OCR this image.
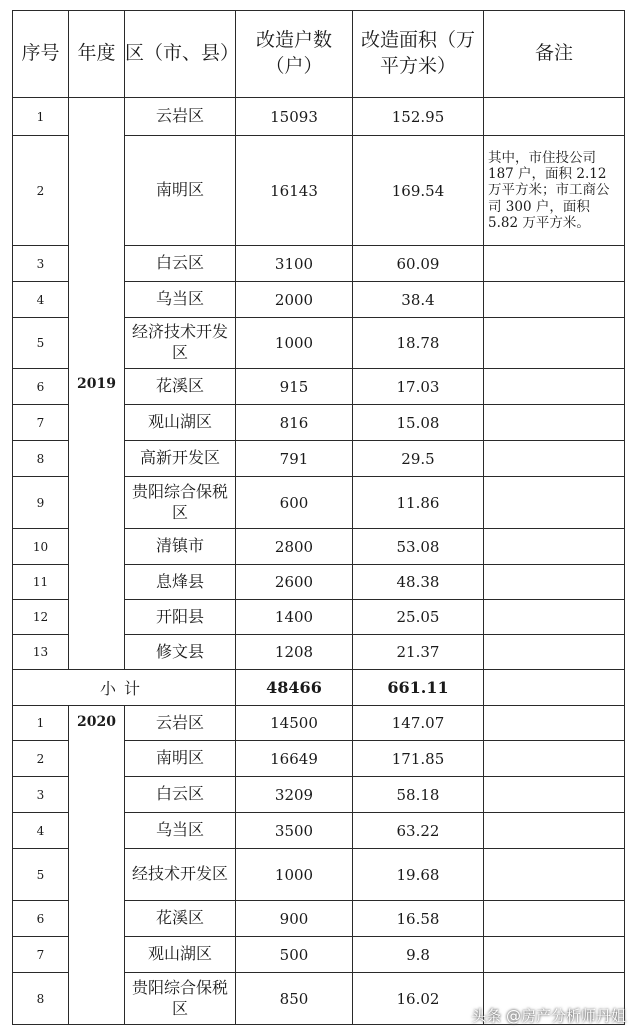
序号	年度	区（市、县）	改造户数（户）	改造面积（万平方米）	备注
1	2019	云岩区	15093	152.95	
2		南明区	16143	169.54	其中，市住投公司 187 户，面积 2.12 万平方米；市工商公司 300 户，面积 5.82 万平方米。
3		白云区	3100	60.09	
4		乌当区	2000	38.4	
5		经济技术开发区	1000	18.78	
6		花溪区	915	17.03	
7		观山湖区	816	15.08	
8		高新开发区	791	29.5	
9		贵阳综合保税区	600	11.86	
10		清镇市	2800	53.08	
11		息烽县	2600	48.38	
12		开阳县	1400	25.05	
13		修文县	1208	21.37	
小计			48466	661.11	
1	2020	云岩区	14500	147.07	
2		南明区	16649	171.85	
3		白云区	3209	58.18	
4		乌当区	3500	63.22	
5		经技术开发区	1000	19.68	
6		花溪区	900	16.58	
7		观山湖区	500	9.8	
8		贵阳综合保税区	850	16.02	
头条 @房产分析师丹姐
